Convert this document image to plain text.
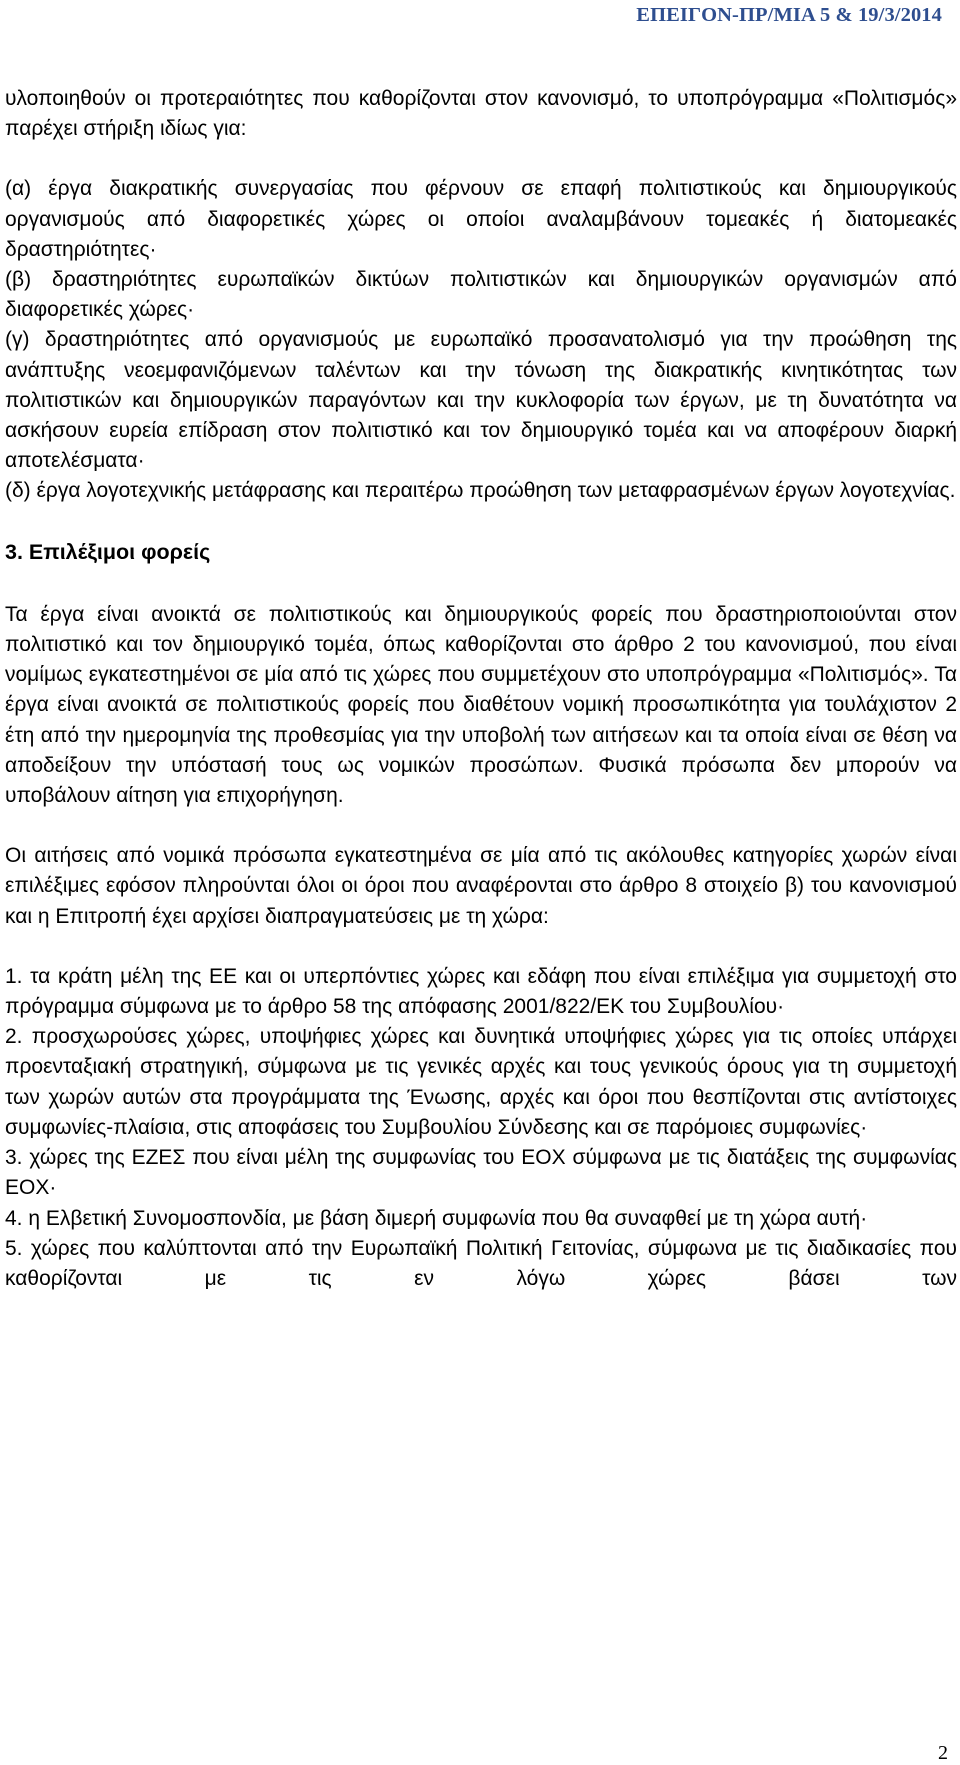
ΕΠΕΙΓΟΝ-ΠΡ/ΜΙΑ 5 & 19/3/2014

υλοποιηθούν οι προτεραιότητες που καθορίζονται στον κανονισμό, το υποπρόγραμμα «Πολιτισμός» παρέχει στήριξη ιδίως για:

(α) έργα διακρατικής συνεργασίας που φέρνουν σε επαφή πολιτιστικούς και δημιουργικούς οργανισμούς από διαφορετικές χώρες οι οποίοι αναλαμβάνουν τομεακές ή διατομεακές δραστηριότητες·

(β) δραστηριότητες ευρωπαϊκών δικτύων πολιτιστικών και δημιουργικών οργανισμών από διαφορετικές χώρες·

(γ) δραστηριότητες από οργανισμούς με ευρωπαϊκό προσανατολισμό για την προώθηση της ανάπτυξης νεοεμφανιζόμενων ταλέντων και την τόνωση της διακρατικής κινητικότητας των πολιτιστικών και δημιουργικών παραγόντων και την κυκλοφορία των έργων, με τη δυνατότητα να ασκήσουν ευρεία επίδραση στον πολιτιστικό και τον δημιουργικό τομέα και να αποφέρουν διαρκή αποτελέσματα·

(δ) έργα λογοτεχνικής μετάφρασης και περαιτέρω προώθηση των μεταφρασμένων έργων λογοτεχνίας.

3. Επιλέξιμοι φορείς

Τα έργα είναι ανοικτά σε πολιτιστικούς και δημιουργικούς φορείς που δραστηριοποιούνται στον πολιτιστικό και τον δημιουργικό τομέα, όπως καθορίζονται στο άρθρο 2 του κανονισμού, που είναι νομίμως εγκατεστημένοι σε μία από τις χώρες που συμμετέχουν στο υποπρόγραμμα «Πολιτισμός». Τα έργα είναι ανοικτά σε πολιτιστικούς φορείς που διαθέτουν νομική προσωπικότητα για τουλάχιστον 2 έτη από την ημερομηνία της προθεσμίας για την υποβολή των αιτήσεων και τα οποία είναι σε θέση να αποδείξουν την υπόστασή τους ως νομικών προσώπων. Φυσικά πρόσωπα δεν μπορούν να υποβάλουν αίτηση για επιχορήγηση.

Οι αιτήσεις από νομικά πρόσωπα εγκατεστημένα σε μία από τις ακόλουθες κατηγορίες χωρών είναι επιλέξιμες εφόσον πληρούνται όλοι οι όροι που αναφέρονται στο άρθρο 8 στοιχείο β) του κανονισμού και η Επιτροπή έχει αρχίσει διαπραγματεύσεις με τη χώρα:

1. τα κράτη μέλη της ΕΕ και οι υπερπόντιες χώρες και εδάφη που είναι επιλέξιμα για συμμετοχή στο πρόγραμμα σύμφωνα με το άρθρο 58 της απόφασης 2001/822/ΕΚ του Συμβουλίου·

2. προσχωρούσες χώρες, υποψήφιες χώρες και δυνητικά υποψήφιες χώρες για τις οποίες υπάρχει προενταξιακή στρατηγική, σύμφωνα με τις γενικές αρχές και τους γενικούς όρους για τη συμμετοχή των χωρών αυτών στα προγράμματα της Ένωσης, αρχές και όροι που θεσπίζονται στις αντίστοιχες συμφωνίες-πλαίσια, στις αποφάσεις του Συμβουλίου Σύνδεσης και σε παρόμοιες συμφωνίες·

3. χώρες της ΕΖΕΣ που είναι μέλη της συμφωνίας του ΕΟΧ σύμφωνα με τις διατάξεις της συμφωνίας ΕΟΧ·

4. η Ελβετική Συνομοσπονδία, με βάση διμερή συμφωνία που θα συναφθεί με τη χώρα αυτή·

5. χώρες που καλύπτονται από την Ευρωπαϊκή Πολιτική Γειτονίας, σύμφωνα με τις διαδικασίες που καθορίζονται με τις εν λόγω χώρες βάσει των

2
